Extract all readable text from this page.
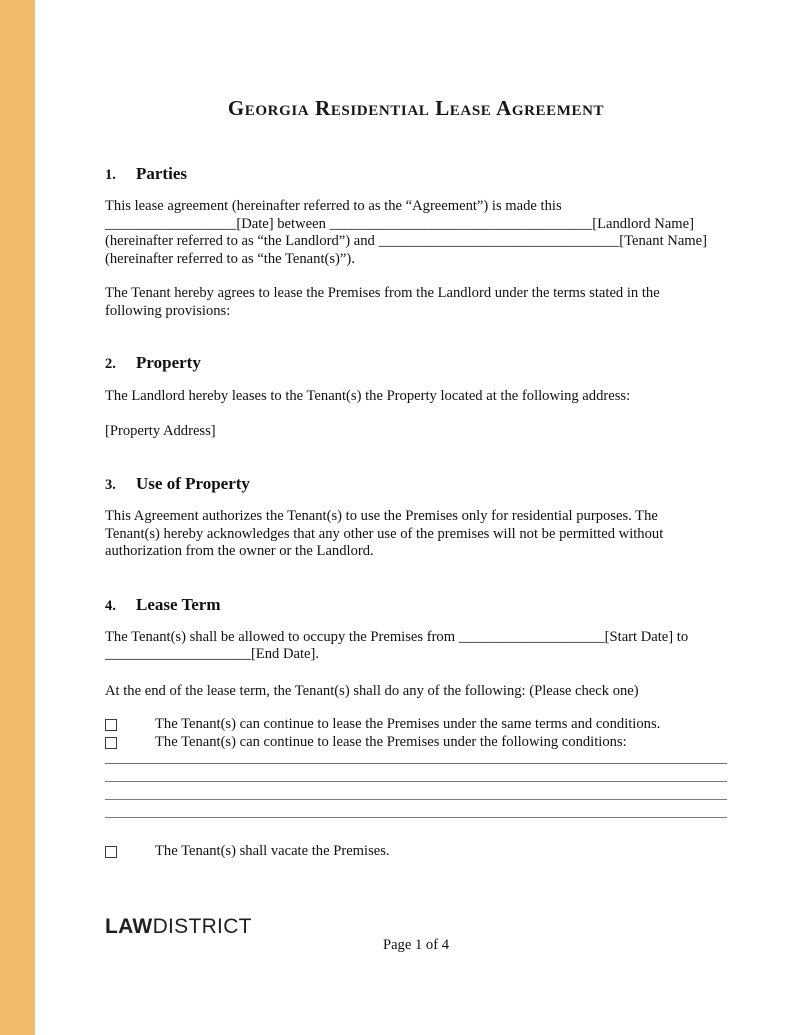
Georgia Residential Lease Agreement
1. Parties
This lease agreement (hereinafter referred to as the “Agreement”) is made this
__________________[Date] between ____________________________________[Landlord Name]
(hereinafter referred to as “the Landlord”) and _________________________________[Tenant Name]
(hereinafter referred to as “the Tenant(s)”).
The Tenant hereby agrees to lease the Premises from the Landlord under the terms stated in the
following provisions:
2. Property
The Landlord hereby leases to the Tenant(s) the Property located at the following address:
[Property Address]
3. Use of Property
This Agreement authorizes the Tenant(s) to use the Premises only for residential purposes. The
Tenant(s) hereby acknowledges that any other use of the premises will not be permitted without
authorization from the owner or the Landlord.
4. Lease Term
The Tenant(s) shall be allowed to occupy the Premises from ____________________[Start Date] to
____________________[End Date].
At the end of the lease term, the Tenant(s) shall do any of the following: (Please check one)
The Tenant(s) can continue to lease the Premises under the same terms and conditions.
The Tenant(s) can continue to lease the Premises under the following conditions:
The Tenant(s) shall vacate the Premises.
LAWDISTRICT
Page 1 of 4
